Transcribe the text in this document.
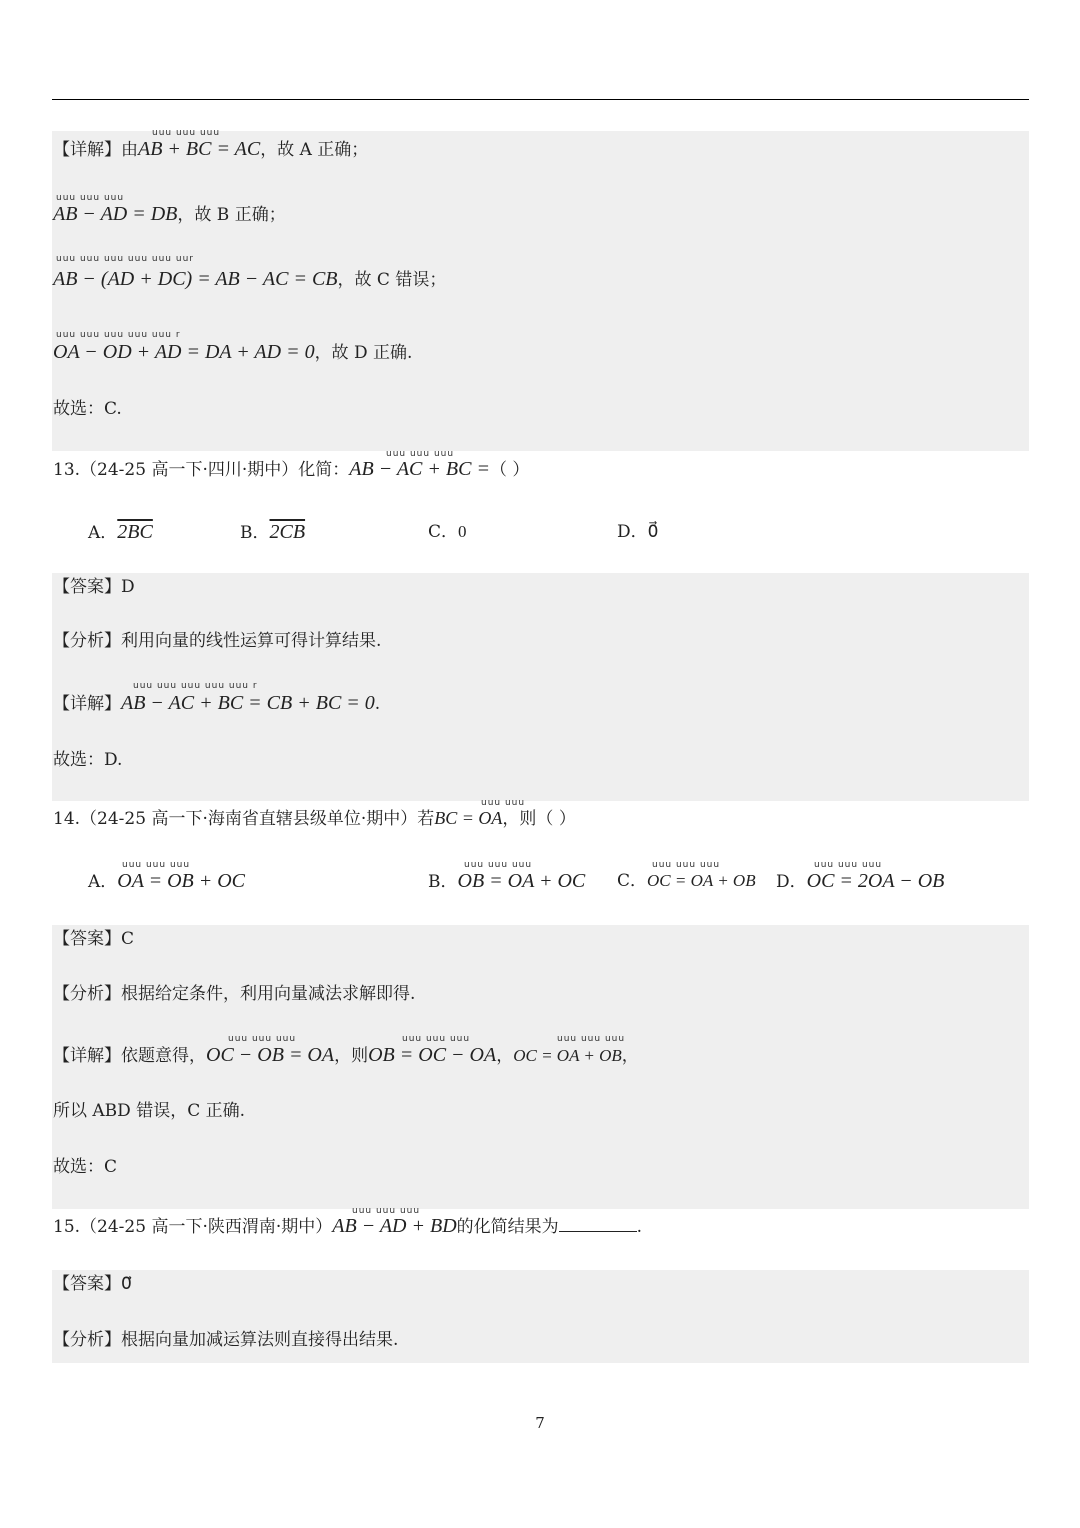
【详解】由AB + BC = AC，故 A 正确；
uuu uuu uuu
AB − AD = DB，故 B 正确；
uuu uuu uuu
AB − (AD + DC) = AB − AC = CB，故 C 错误；
uuu uuu uuu uuu uuu uur
OA − OD + AD = DA + AD = 0，故 D 正确.
uuu uuu uuu uuu uuu r
故选：C.
13.（24-25 高一下·四川·期中）化简：AB − AC + BC =（ ）
uuu uuu uuu
A．2BC	B．2CB	C．0	D．0⃗
【答案】D
【分析】利用向量的线性运算可得计算结果.
【详解】AB − AC + BC = CB + BC = 0.
uuu uuu uuu uuu uuu r
故选：D.
14.（24-25 高一下·海南省直辖县级单位·期中）若BC = OA，则（ ）
uuu uuu
A．OA = OB + OC
uuu uuu uuu
B．OB = OA + OC
uuu uuu uuu
C．OC = OA + OB
uuu uuu uuu
D．OC = 2OA − OB
uuu uuu uuu
【答案】C
【分析】根据给定条件，利用向量减法求解即得.
【详解】依题意得，OC − OB = OA，则OB = OC − OA，OC = OA + OB，
uuu uuu uuu	uuu uuu uuu	uuu uuu uuu
所以 ABD 错误，C 正确.
故选：C
15.（24-25 高一下·陕西渭南·期中）AB − AD + BD的化简结果为	.
uuu uuu uuu
【答案】0⃗
【分析】根据向量加减运算法则直接得出结果.
7
